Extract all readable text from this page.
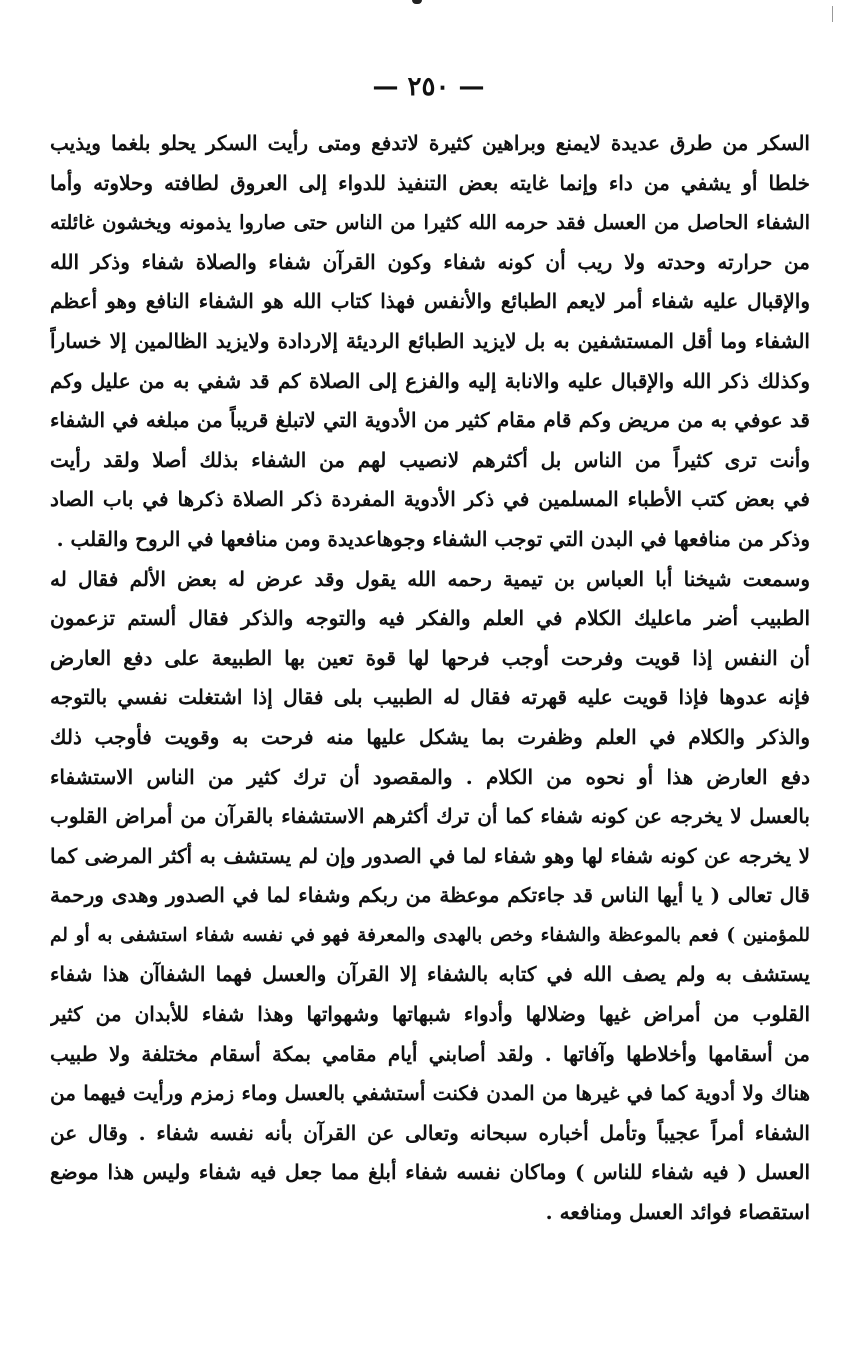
— ٢٥٠ —
السكر من طرق عديدة لايمنع وبراهين كثيرة لاتدفع ومتى رأيت السكر يحلو بلغما ويذيب
خلطا أو يشفي من داء وإنما غايته بعض التنفيذ للدواء إلى العروق لطافته وحلاوته وأما
الشفاء الحاصل من العسل فقد حرمه الله كثيرا من الناس حتى صاروا يذمونه ويخشون غائلته
من حرارته وحدته ولا ريب أن كونه شفاء وكون القرآن شفاء والصلاة شفاء وذكر الله
والإقبال عليه شفاء أمر لايعم الطبائع والأنفس فهذا كتاب الله هو الشفاء النافع وهو أعظم
الشفاء وما أقل المستشفين به بل لايزيد الطبائع الرديئة إلاردادة ولايزيد الظالمين إلا خساراً
وكذلك ذكر الله والإقبال عليه والانابة إليه والفزع إلى الصلاة كم قد شفي به من عليل وكم
قد عوفي به من مريض وكم قام مقام كثير من الأدوية التي لاتبلغ قريباً من مبلغه في الشفاء
وأنت ترى كثيراً من الناس بل أكثرهم لانصيب لهم من الشفاء بذلك أصلا ولقد رأيت
في بعض كتب الأطباء المسلمين في ذكر الأدوية المفردة ذكر الصلاة ذكرها في باب الصاد
وذكر من منافعها في البدن التي توجب الشفاء وجوهاعديدة ومن منافعها في الروح والقلب .
وسمعت شيخنا أبا العباس بن تيمية رحمه الله يقول وقد عرض له بعض الألم فقال له
الطبيب أضر ماعليك الكلام في العلم والفكر فيه والتوجه والذكر فقال ألستم تزعمون
أن النفس إذا قويت وفرحت أوجب فرحها لها قوة تعين بها الطبيعة على دفع العارض
فإنه عدوها فإذا قويت عليه قهرته فقال له الطبيب بلى فقال إذا اشتغلت نفسي بالتوجه
والذكر والكلام في العلم وظفرت بما يشكل عليها منه فرحت به وقويت فأوجب ذلك
دفع العارض هذا أو نحوه من الكلام . والمقصود أن ترك كثير من الناس الاستشفاء
بالعسل لا يخرجه عن كونه شفاء كما أن ترك أكثرهم الاستشفاء بالقرآن من أمراض القلوب
لا يخرجه عن كونه شفاء لها وهو شفاء لما في الصدور وإن لم يستشف به أكثر المرضى كما
قال تعالى ( يا أيها الناس قد جاءتكم موعظة من ربكم وشفاء لما في الصدور وهدى ورحمة
للمؤمنين ) فعم بالموعظة والشفاء وخص بالهدى والمعرفة فهو في نفسه شفاء استشفى به أو لم
يستشف به ولم يصف الله في كتابه بالشفاء إلا القرآن والعسل فهما الشفاآن هذا شفاء
القلوب من أمراض غيها وضلالها وأدواء شبهاتها وشهواتها وهذا شفاء للأبدان من كثير
من أسقامها وأخلاطها وآفاتها . ولقد أصابني أيام مقامي بمكة أسقام مختلفة ولا طبيب
هناك ولا أدوية كما في غيرها من المدن فكنت أستشفي بالعسل وماء زمزم ورأيت فيهما من
الشفاء أمراً عجيباً وتأمل أخباره سبحانه وتعالى عن القرآن بأنه نفسه شفاء . وقال عن
العسل ( فيه شفاء للناس ) وماكان نفسه شفاء أبلغ مما جعل فيه شفاء وليس هذا موضع
استقصاء فوائد العسل ومنافعه .
